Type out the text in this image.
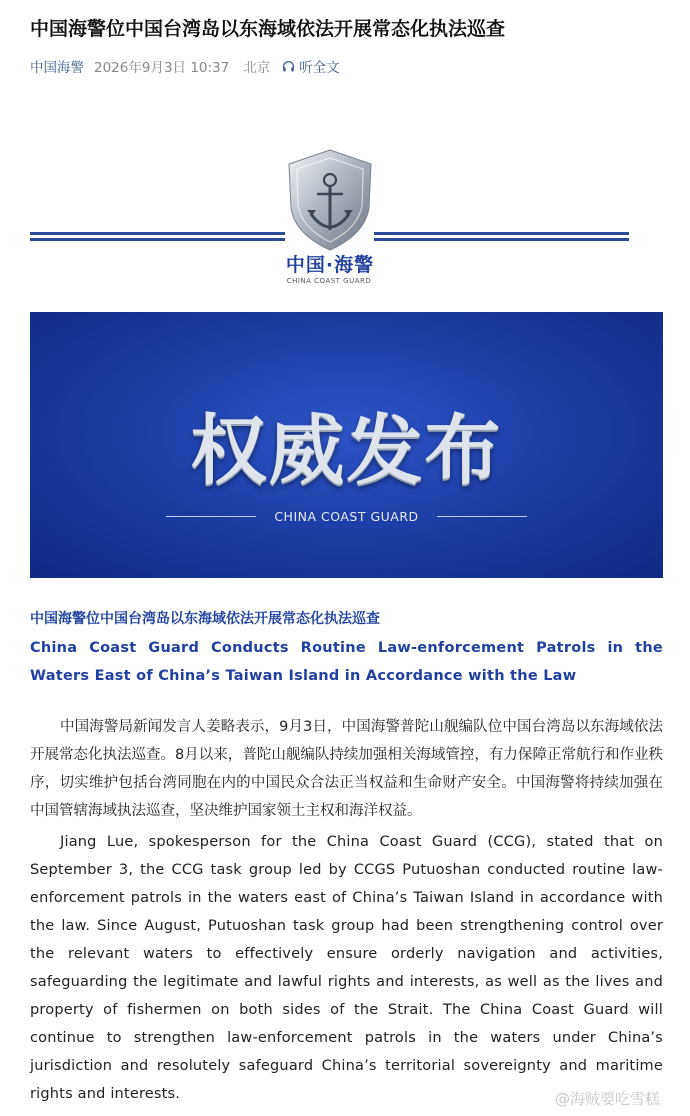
中国海警位中国台湾岛以东海域依法开展常态化执法巡查
中国海警 2026年9月3日 10:37 北京 听全文
中国·海警
CHINA COAST GUARD
权威发布
CHINA COAST GUARD
中国海警位中国台湾岛以东海域依法开展常态化执法巡查
China Coast Guard Conducts Routine Law-enforcement Patrols in the Waters East of China’s Taiwan Island in Accordance with the Law
中国海警局新闻发言人姜略表示，9月3日，中国海警普陀山舰编队位中国台湾岛以东海域依法开展常态化执法巡查。8月以来，普陀山舰编队持续加强相关海域管控，有力保障正常航行和作业秩序，切实维护包括台湾同胞在内的中国民众合法正当权益和生命财产安全。中国海警将持续加强在中国管辖海域执法巡查，坚决维护国家领土主权和海洋权益。
Jiang Lue, spokesperson for the China Coast Guard (CCG), stated that on September 3, the CCG task group led by CCGS Putuoshan conducted routine law-enforcement patrols in the waters east of China’s Taiwan Island in accordance with the law. Since August, Putuoshan task group had been strengthening control over the relevant waters to effectively ensure orderly navigation and activities, safeguarding the legitimate and lawful rights and interests, as well as the lives and property of fishermen on both sides of the Strait. The China Coast Guard will continue to strengthen law-enforcement patrols in the waters under China’s jurisdiction and resolutely safeguard China’s territorial sovereignty and maritime rights and interests.	@海贼要吃雪糕
